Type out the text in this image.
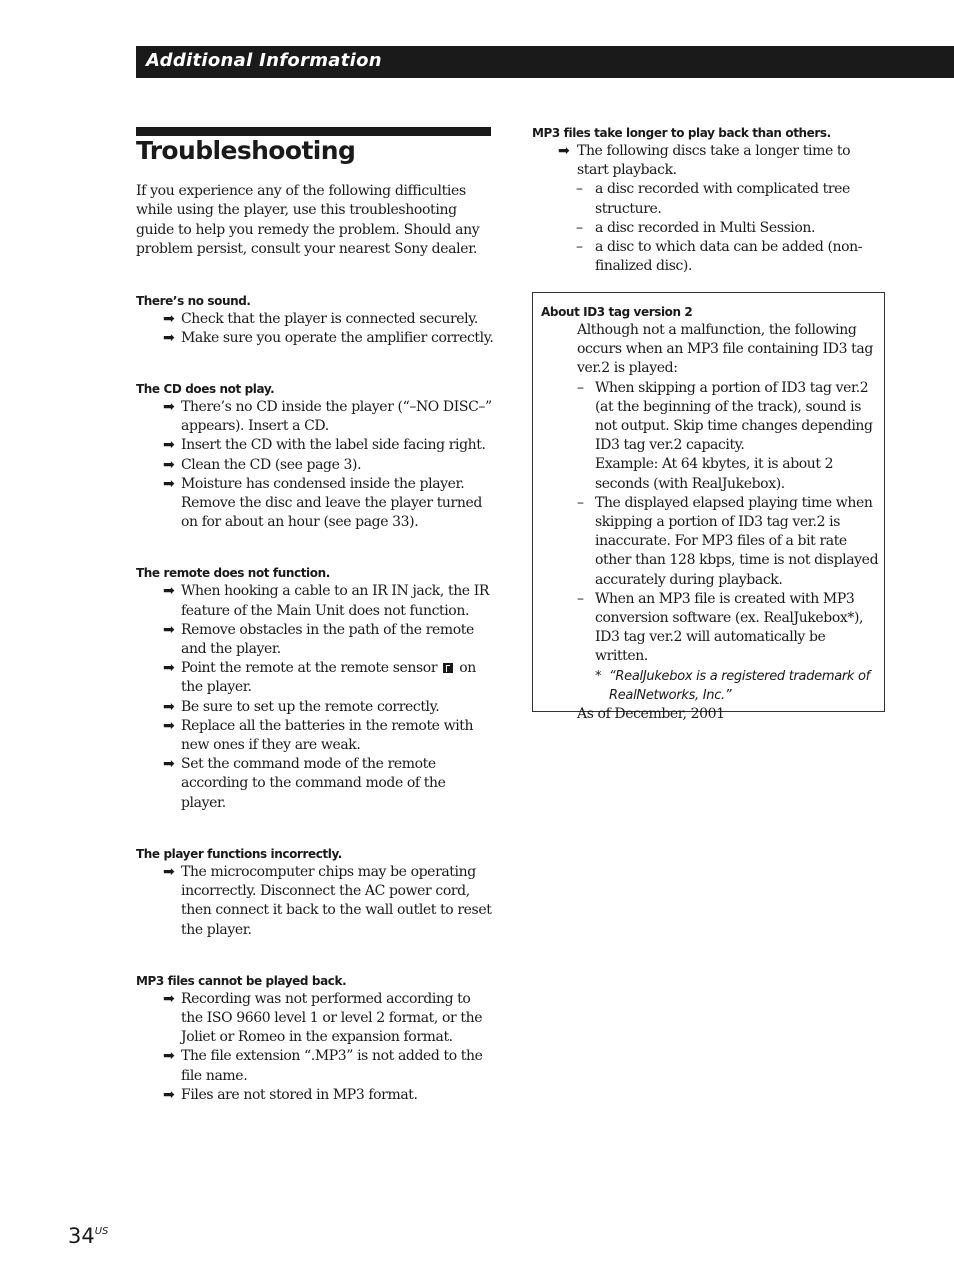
Additional Information
Troubleshooting

If you experience any of the following difficulties while using the player, use this troubleshooting guide to help you remedy the problem. Should any problem persist, consult your nearest Sony dealer.

There’s no sound.

➡ Check that the player is connected securely.
➡ Make sure you operate the amplifier correctly.

The CD does not play.

➡ There’s no CD inside the player (“–NO DISC–” appears). Insert a CD.
➡ Insert the CD with the label side facing right.
➡ Clean the CD (see page 3).
➡ Moisture has condensed inside the player. Remove the disc and leave the player turned on for about an hour (see page 33).

The remote does not function.

➡ When hooking a cable to an IR IN jack, the IR feature of the Main Unit does not function.
➡ Remove obstacles in the path of the remote and the player.
➡ Point the remote at the remote sensor on the player.
➡ Be sure to set up the remote correctly.
➡ Replace all the batteries in the remote with new ones if they are weak.
➡ Set the command mode of the remote according to the command mode of the player.

The player functions incorrectly.

➡ The microcomputer chips may be operating incorrectly. Disconnect the AC power cord, then connect it back to the wall outlet to reset the player.

MP3 files cannot be played back.

➡ Recording was not performed according to the ISO 9660 level 1 or level 2 format, or the Joliet or Romeo in the expansion format.
➡ The file extension “.MP3” is not added to the file name.
➡ Files are not stored in MP3 format.

MP3 files take longer to play back than others.

➡ The following discs take a longer time to start playback.
– a disc recorded with complicated tree structure.
– a disc recorded in Multi Session.
– a disc to which data can be added (non-finalized disc).

About ID3 tag version 2

Although not a malfunction, the following occurs when an MP3 file containing ID3 tag ver.2 is played:
– When skipping a portion of ID3 tag ver.2 (at the beginning of the track), sound is not output. Skip time changes depending ID3 tag ver.2 capacity.
Example: At 64 kbytes, it is about 2 seconds (with RealJukebox).
– The displayed elapsed playing time when skipping a portion of ID3 tag ver.2 is inaccurate. For MP3 files of a bit rate other than 128 kbps, time is not displayed accurately during playback.
– When an MP3 file is created with MP3 conversion software (ex. RealJukebox*), ID3 tag ver.2 will automatically be written.
* “RealJukebox is a registered trademark of RealNetworks, Inc.”
As of December, 2001
$34^{US}$
